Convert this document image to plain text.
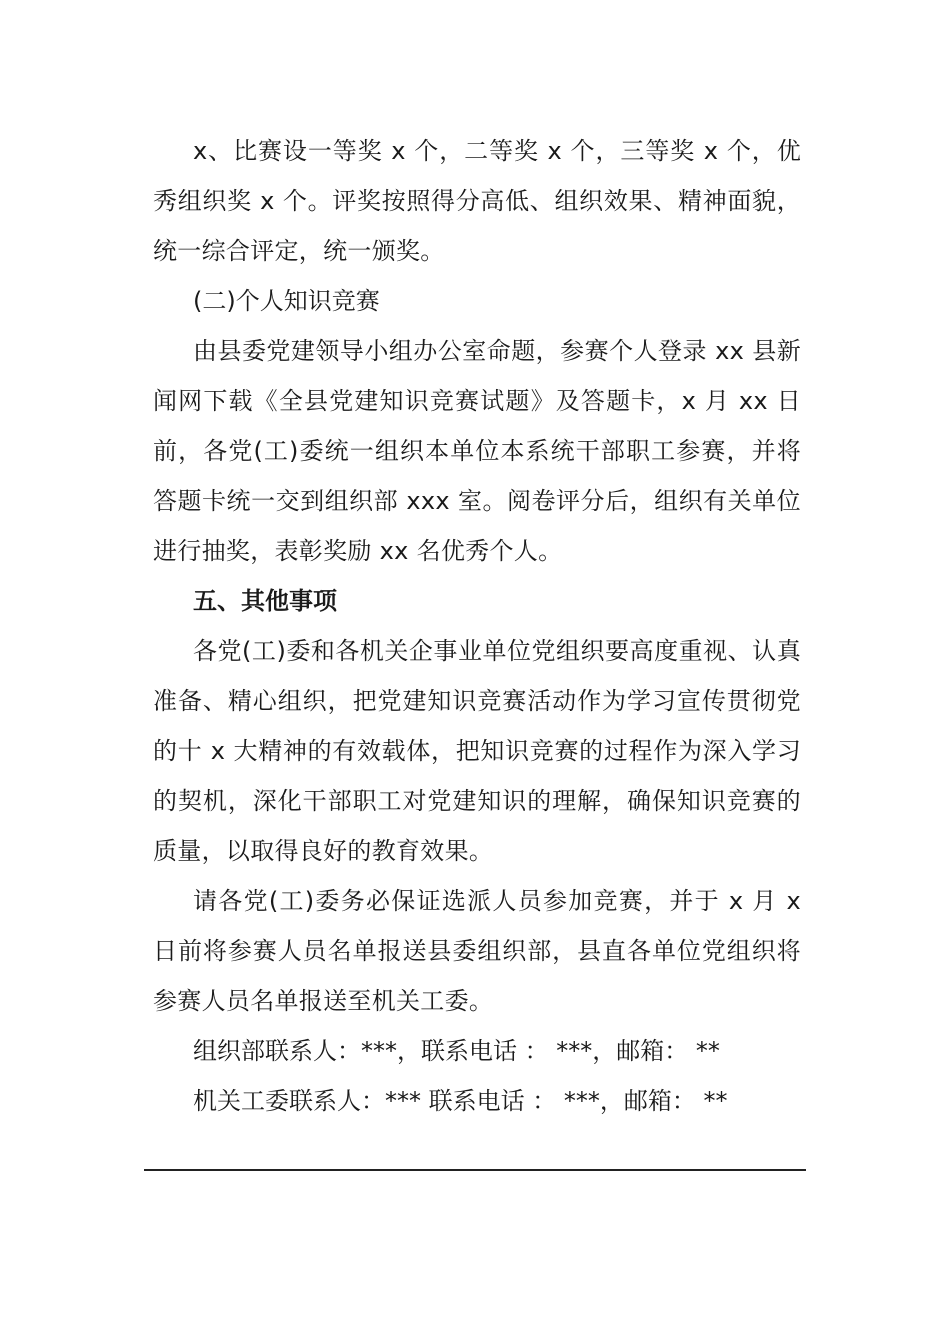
x、比赛设一等奖 x 个，二等奖 x 个，三等奖 x 个，优秀组织奖 x 个。评奖按照得分高低、组织效果、精神面貌，统一综合评定，统一颁奖。

(二)个人知识竞赛

由县委党建领导小组办公室命题，参赛个人登录 xx 县新闻网下载《全县党建知识竞赛试题》及答题卡，x 月 xx 日前，各党(工)委统一组织本单位本系统干部职工参赛，并将答题卡统一交到组织部 xxx 室。阅卷评分后，组织有关单位进行抽奖，表彰奖励 xx 名优秀个人。

五、其他事项

各党(工)委和各机关企事业单位党组织要高度重视、认真准备、精心组织，把党建知识竞赛活动作为学习宣传贯彻党的十 x 大精神的有效载体，把知识竞赛的过程作为深入学习的契机，深化干部职工对党建知识的理解，确保知识竞赛的质量，以取得良好的教育效果。

请各党(工)委务必保证选派人员参加竞赛，并于 x 月 x 日前将参赛人员名单报送县委组织部，县直各单位党组织将参赛人员名单报送至机关工委。

组织部联系人：***，联系电话 ： ***，邮箱： **

机关工委联系人：*** 联系电话 ： ***，邮箱： **
